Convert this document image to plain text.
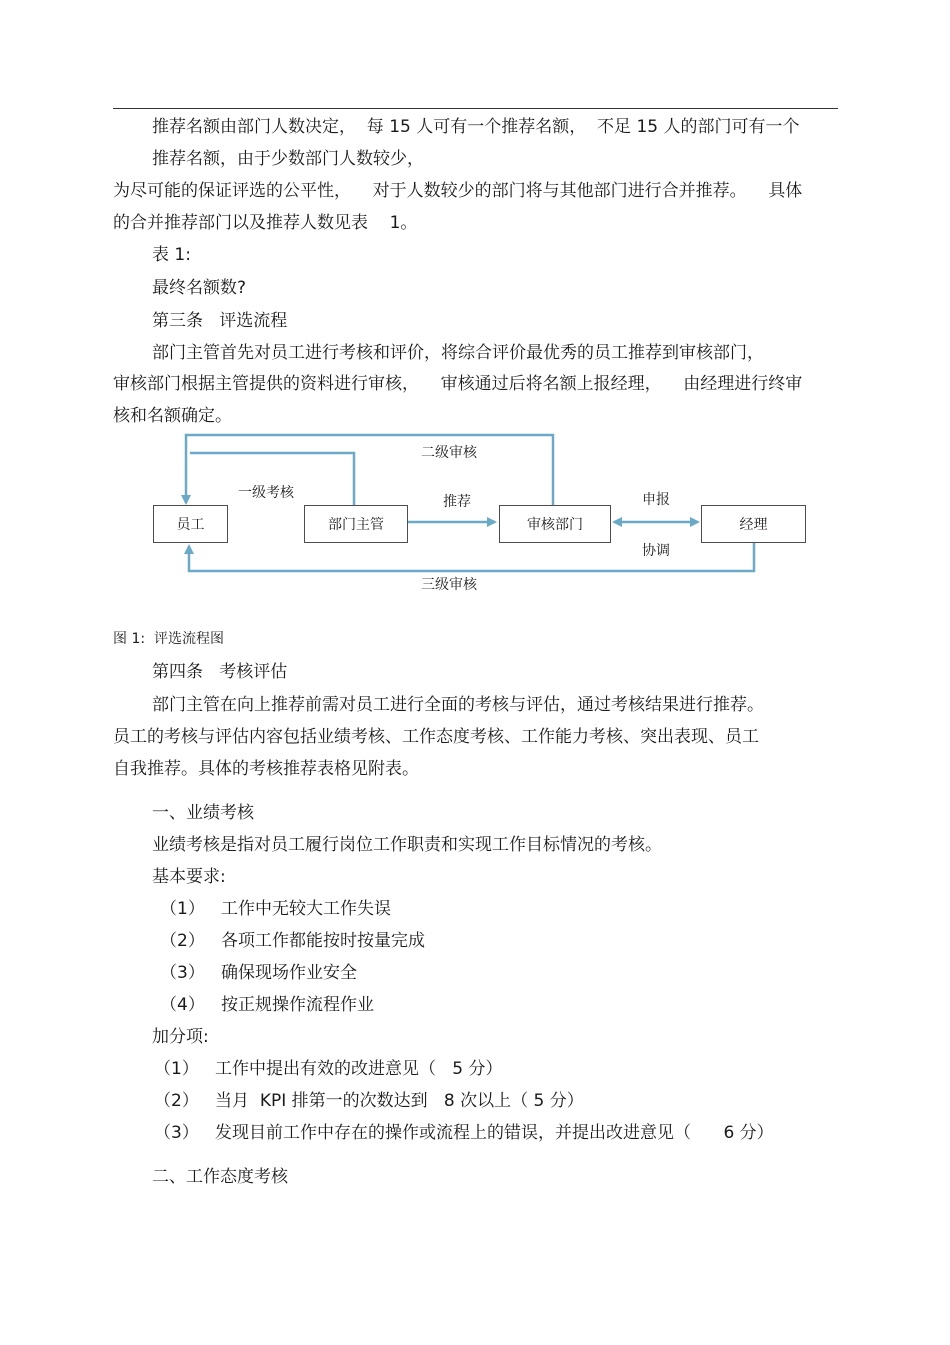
推荐名额由部门人数决定，  每 15 人可有一个推荐名额，  不足 15 人的部门可有一个

推荐名额，由于少数部门人数较少，

为尽可能的保证评选的公平性，    对于人数较少的部门将与其他部门进行合并推荐。    具体

的合并推荐部门以及推荐人数见表    1。

表 1:

最终名额数?

第三条   评选流程

部门主管首先对员工进行考核和评价，将综合评价最优秀的员工推荐到审核部门，

审核部门根据主管提供的资料进行审核，    审核通过后将名额上报经理，    由经理进行终审

核和名额确定。

员工	部门主管	审核部门	经理
二级审核
一级考核
推荐	申报
协调
三级审核
图 1:  评选流程图

第四条   考核评估

部门主管在向上推荐前需对员工进行全面的考核与评估，通过考核结果进行推荐。

员工的考核与评估内容包括业绩考核、工作态度考核、工作能力考核、突出表现、员工

自我推荐。具体的考核推荐表格见附表。

一、业绩考核

业绩考核是指对员工履行岗位工作职责和实现工作目标情况的考核。

基本要求:

（1）   工作中无较大工作失误

（2）   各项工作都能按时按量完成

（3）   确保现场作业安全

（4）   按正规操作流程作业

加分项:

（1）   工作中提出有效的改进意见（   5 分）

（2）   当月  KPI 排第一的次数达到   8 次以上（ 5 分）

（3）   发现目前工作中存在的操作或流程上的错误，并提出改进意见（      6 分）

二、工作态度考核
